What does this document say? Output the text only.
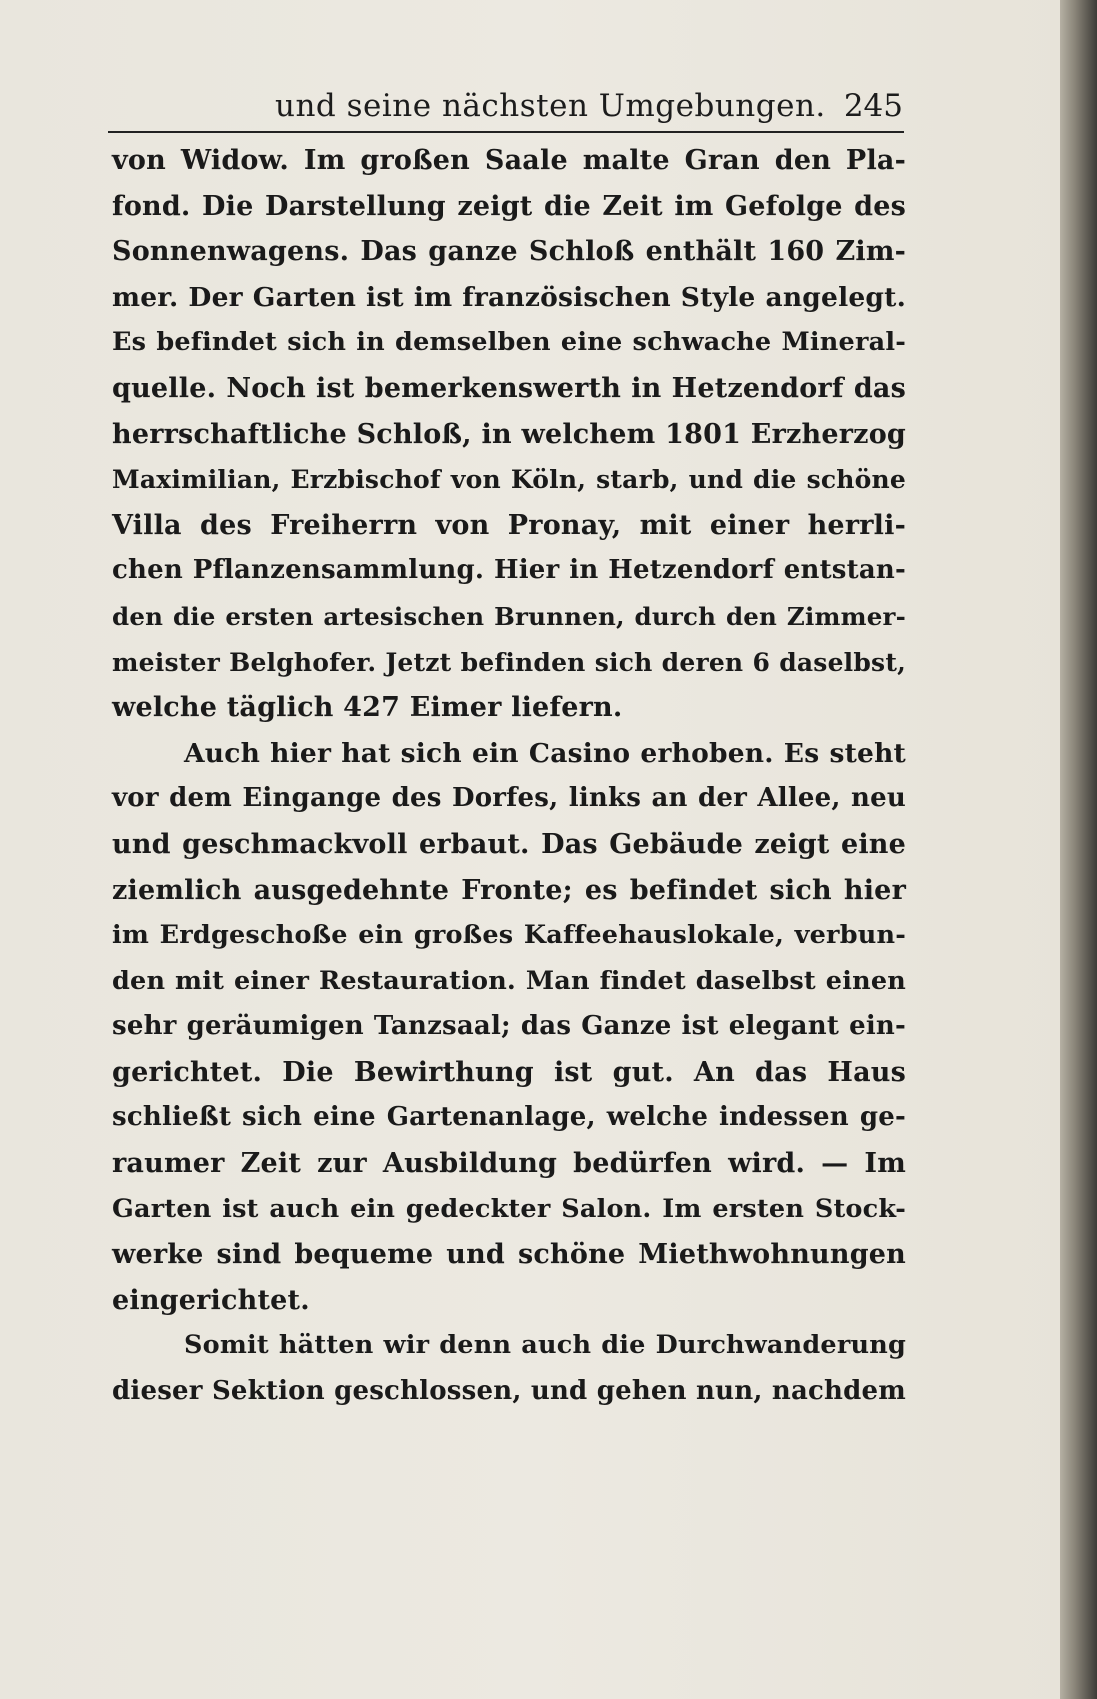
und seine nächsten Umgebungen. 245
von Widow. Im großen Saale malte Gran den Pla-
fond. Die Darstellung zeigt die Zeit im Gefolge des
Sonnenwagens. Das ganze Schloß enthält 160 Zim-
mer. Der Garten ist im französischen Style angelegt.
Es befindet sich in demselben eine schwache Mineral-
quelle. Noch ist bemerkenswerth in Hetzendorf das
herrschaftliche Schloß, in welchem 1801 Erzherzog
Maximilian, Erzbischof von Köln, starb, und die schöne
Villa des Freiherrn von Pronay, mit einer herrli-
chen Pflanzensammlung. Hier in Hetzendorf entstan-
den die ersten artesischen Brunnen, durch den Zimmer-
meister Belghofer. Jetzt befinden sich deren 6 daselbst,
welche täglich 427 Eimer liefern.
Auch hier hat sich ein Casino erhoben. Es steht
vor dem Eingange des Dorfes, links an der Allee, neu
und geschmackvoll erbaut. Das Gebäude zeigt eine
ziemlich ausgedehnte Fronte; es befindet sich hier
im Erdgeschoße ein großes Kaffeehauslokale, verbun-
den mit einer Restauration. Man findet daselbst einen
sehr geräumigen Tanzsaal; das Ganze ist elegant ein-
gerichtet. Die Bewirthung ist gut. An das Haus
schließt sich eine Gartenanlage, welche indessen ge-
raumer Zeit zur Ausbildung bedürfen wird. — Im
Garten ist auch ein gedeckter Salon. Im ersten Stock-
werke sind bequeme und schöne Miethwohnungen
eingerichtet.
Somit hätten wir denn auch die Durchwanderung
dieser Sektion geschlossen, und gehen nun, nachdem
